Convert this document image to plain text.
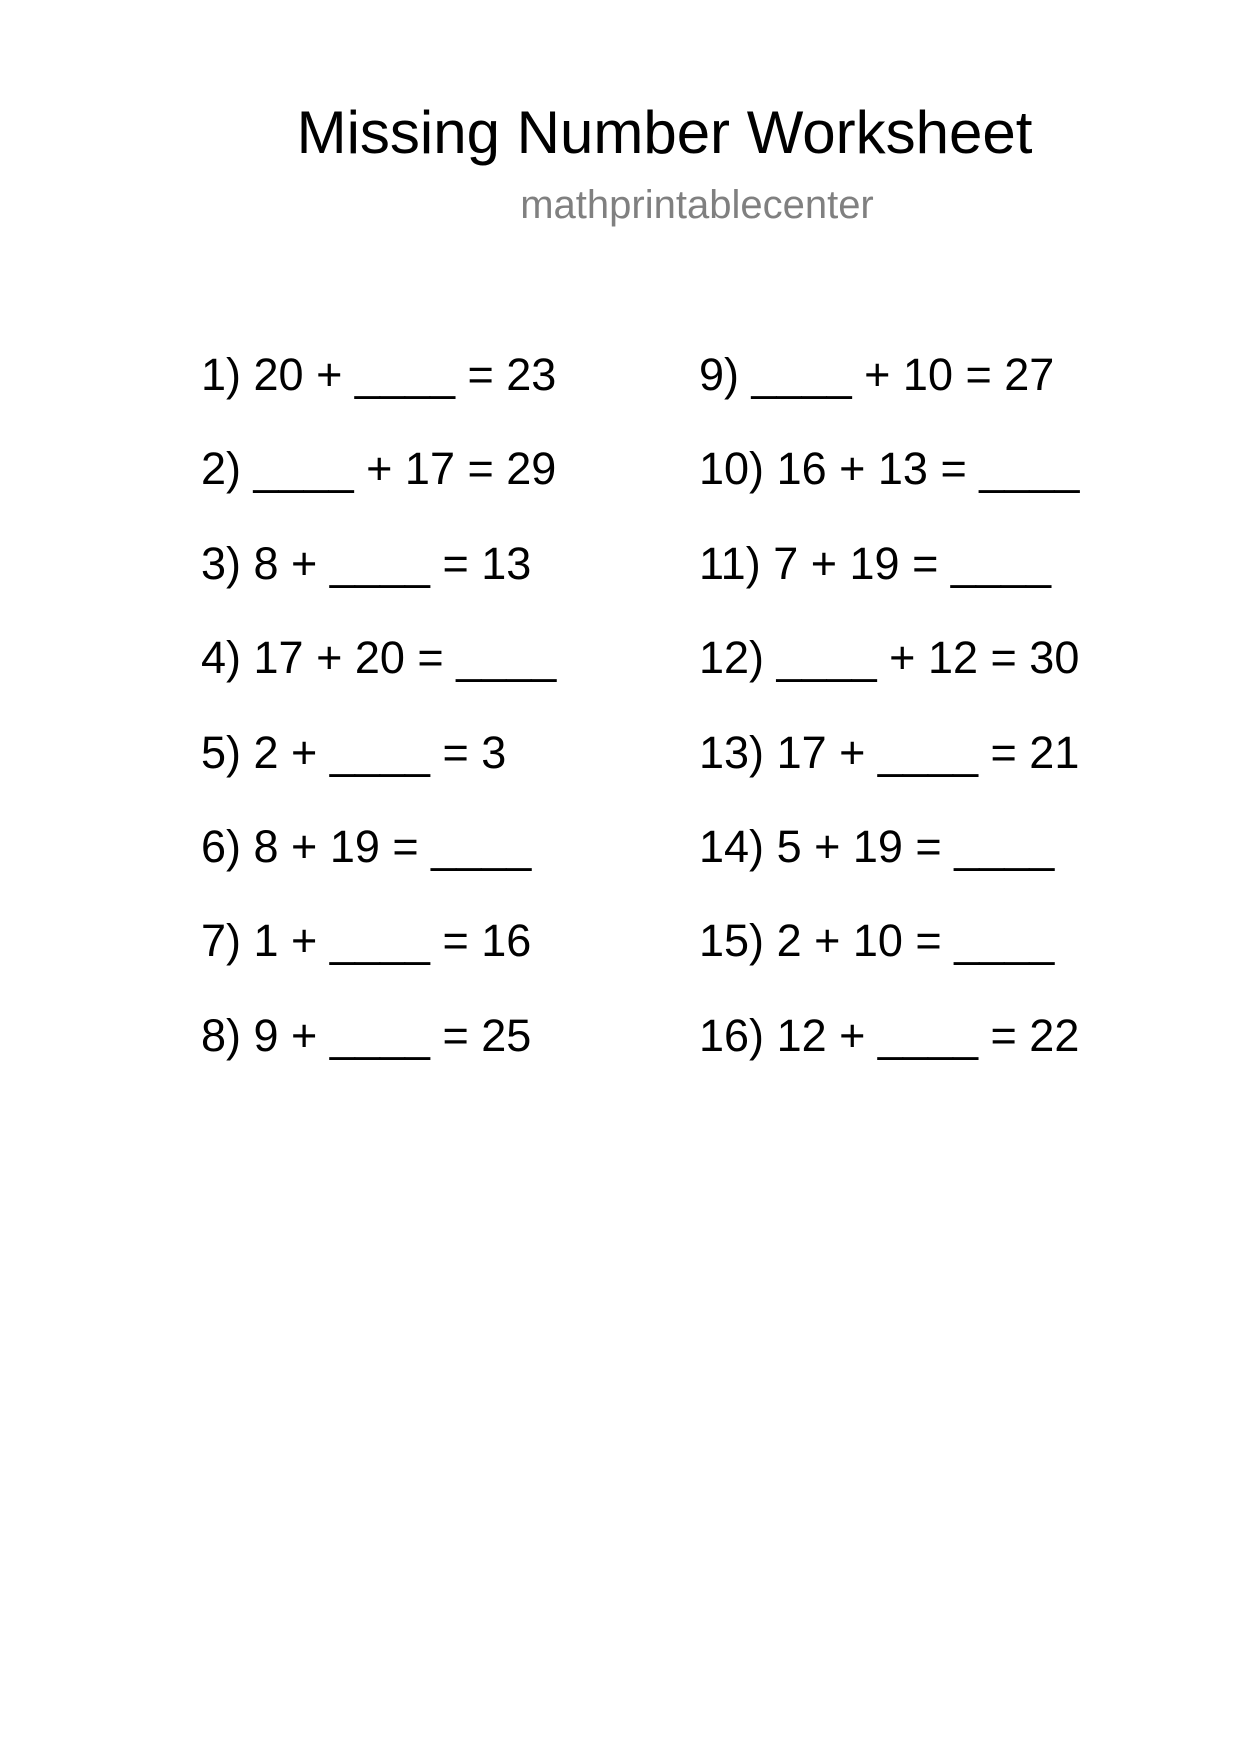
Missing Number Worksheet
mathprintablecenter
1) 20 + ____ = 23
2) ____ + 17 = 29
3) 8 + ____ = 13
4) 17 + 20 = ____
5) 2 + ____ = 3
6) 8 + 19 = ____
7) 1 + ____ = 16
8) 9 + ____ = 25
9) ____ + 10 = 27
10) 16 + 13 = ____
11) 7 + 19 = ____
12) ____ + 12 = 30
13) 17 + ____ = 21
14) 5 + 19 = ____
15) 2 + 10 = ____
16) 12 + ____ = 22
